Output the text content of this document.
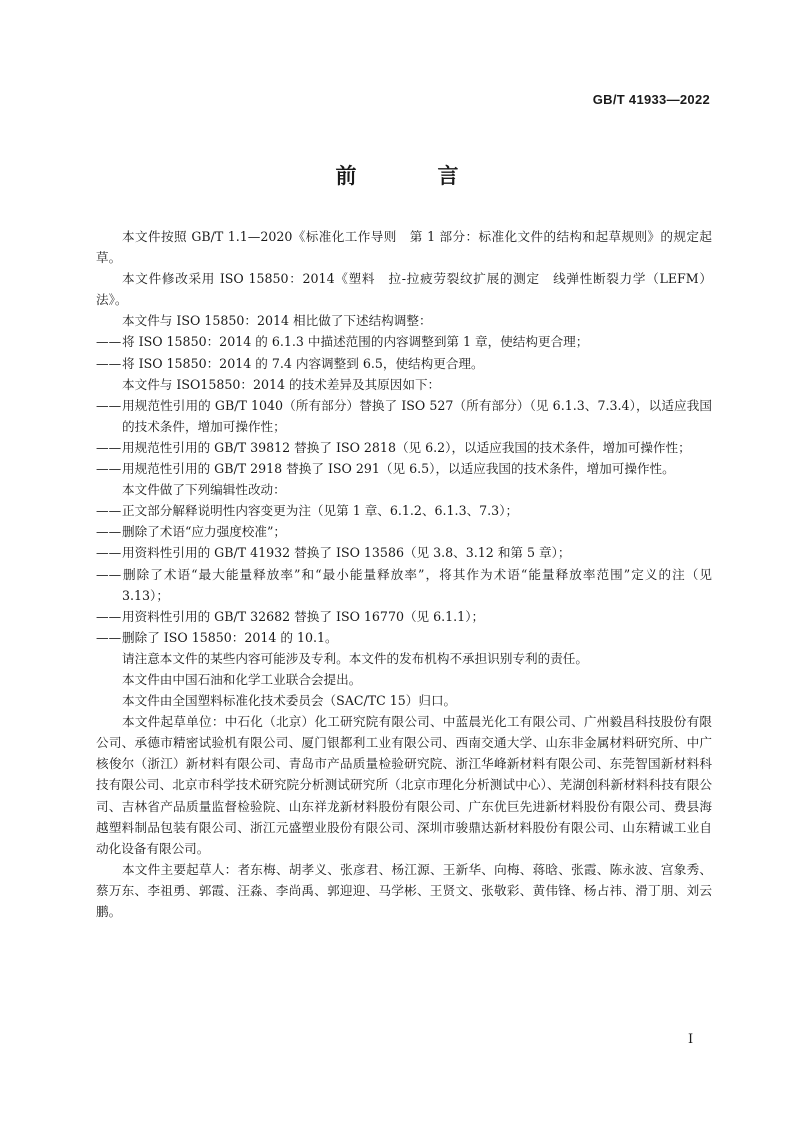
GB/T 41933—2022
前　言

本文件按照 GB/T 1.1—2020《标准化工作导则　第 1 部分：标准化文件的结构和起草规则》的规定起草。

本文件修改采用 ISO 15850：2014《塑料　拉-拉疲劳裂纹扩展的测定　线弹性断裂力学（LEFM）法》。

本文件与 ISO 15850：2014 相比做了下述结构调整：

——将 ISO 15850：2014 的 6.1.3 中描述范围的内容调整到第 1 章，使结构更合理；

——将 ISO 15850：2014 的 7.4 内容调整到 6.5，使结构更合理。

本文件与 ISO15850：2014 的技术差异及其原因如下：

——用规范性引用的 GB/T 1040（所有部分）替换了 ISO 527（所有部分）（见 6.1.3、7.3.4），以适应我国的技术条件，增加可操作性；

——用规范性引用的 GB/T 39812 替换了 ISO 2818（见 6.2），以适应我国的技术条件，增加可操作性；

——用规范性引用的 GB/T 2918 替换了 ISO 291（见 6.5），以适应我国的技术条件，增加可操作性。

本文件做了下列编辑性改动：

——正文部分解释说明性内容变更为注（见第 1 章、6.1.2、6.1.3、7.3）；

——删除了术语“应力强度校准”；

——用资料性引用的 GB/T 41932 替换了 ISO 13586（见 3.8、3.12 和第 5 章）；

——删除了术语“最大能量释放率”和“最小能量释放率”，将其作为术语“能量释放率范围”定义的注（见 3.13）；

——用资料性引用的 GB/T 32682 替换了 ISO 16770（见 6.1.1）；

——删除了 ISO 15850：2014 的 10.1。

请注意本文件的某些内容可能涉及专利。本文件的发布机构不承担识别专利的责任。

本文件由中国石油和化学工业联合会提出。

本文件由全国塑料标准化技术委员会（SAC/TC 15）归口。

本文件起草单位：中石化（北京）化工研究院有限公司、中蓝晨光化工有限公司、广州毅昌科技股份有限公司、承德市精密试验机有限公司、厦门银都利工业有限公司、西南交通大学、山东非金属材料研究所、中广核俊尔（浙江）新材料有限公司、青岛市产品质量检验研究院、浙江华峰新材料有限公司、东莞智国新材料科技有限公司、北京市科学技术研究院分析测试研究所（北京市理化分析测试中心）、芜湖创科新材料科技有限公司、吉林省产品质量监督检验院、山东祥龙新材料股份有限公司、广东优巨先进新材料股份有限公司、费县海越塑料制品包装有限公司、浙江元盛塑业股份有限公司、深圳市骏鼎达新材料股份有限公司、山东精诚工业自动化设备有限公司。

本文件主要起草人：者东梅、胡孝义、张彦君、杨江源、王新华、向梅、蒋晗、张霞、陈永波、宫象秀、蔡万东、李祖勇、郭霞、汪淼、李尚禹、郭迎迎、马学彬、王贤文、张敬彩、黄伟锋、杨占祎、滑丁朋、刘云鹏。

I
